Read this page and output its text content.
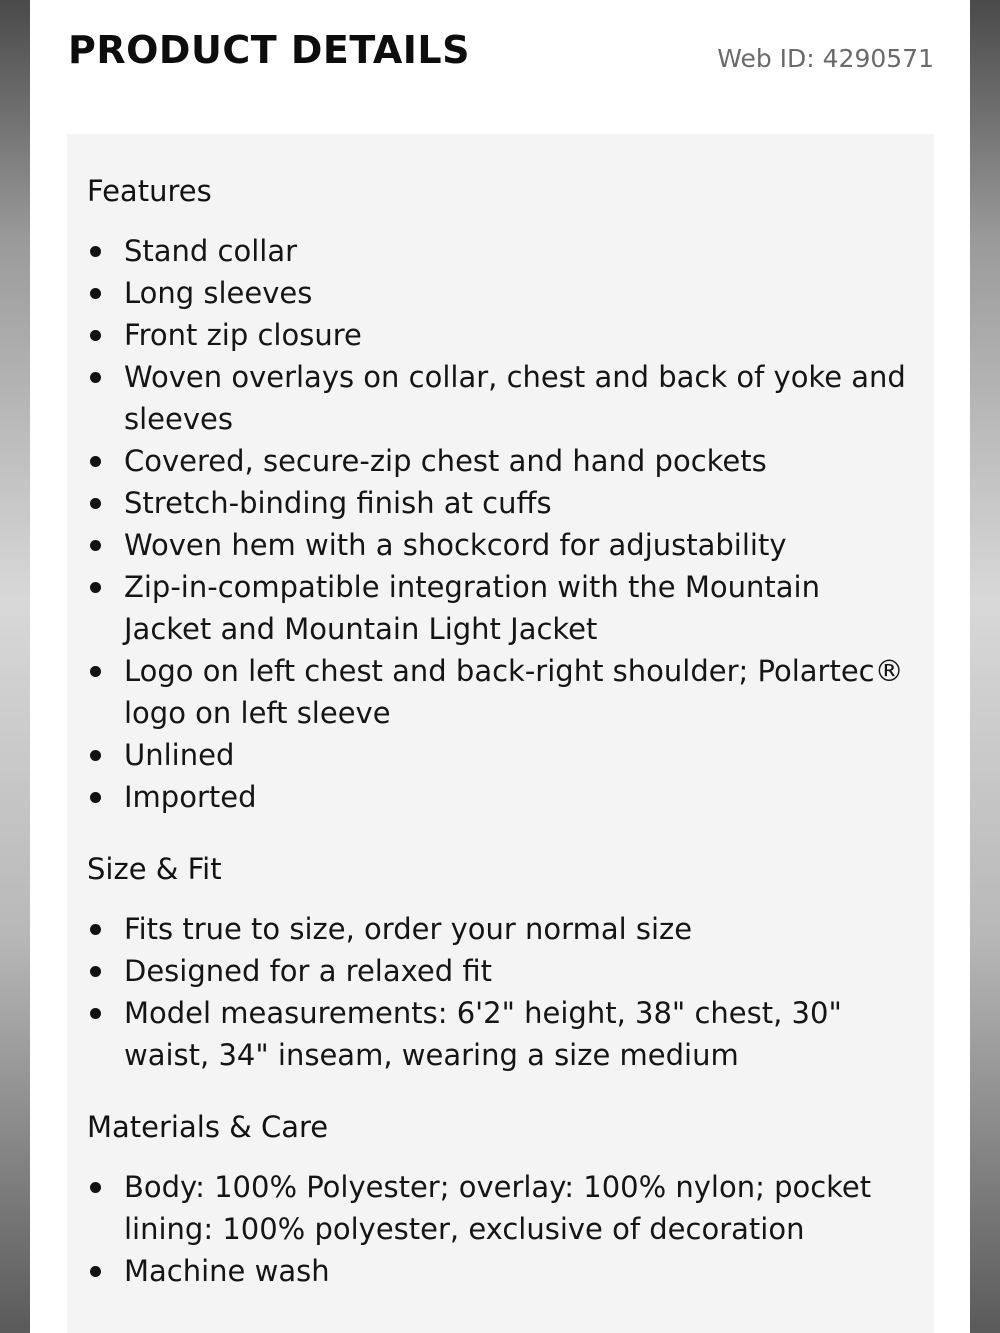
PRODUCT DETAILS	Web ID: 4290571
Features
Stand collar
Long sleeves
Front zip closure
Woven overlays on collar, chest and back of yoke and sleeves
Covered, secure-zip chest and hand pockets
Stretch-binding finish at cuffs
Woven hem with a shockcord for adjustability
Zip-in-compatible integration with the Mountain Jacket and Mountain Light Jacket
Logo on left chest and back-right shoulder; Polartec® logo on left sleeve
Unlined
Imported
Size & Fit
Fits true to size, order your normal size
Designed for a relaxed fit
Model measurements: 6'2" height, 38" chest, 30" waist, 34" inseam, wearing a size medium
Materials & Care
Body: 100% Polyester; overlay: 100% nylon; pocket lining: 100% polyester, exclusive of decoration
Machine wash
